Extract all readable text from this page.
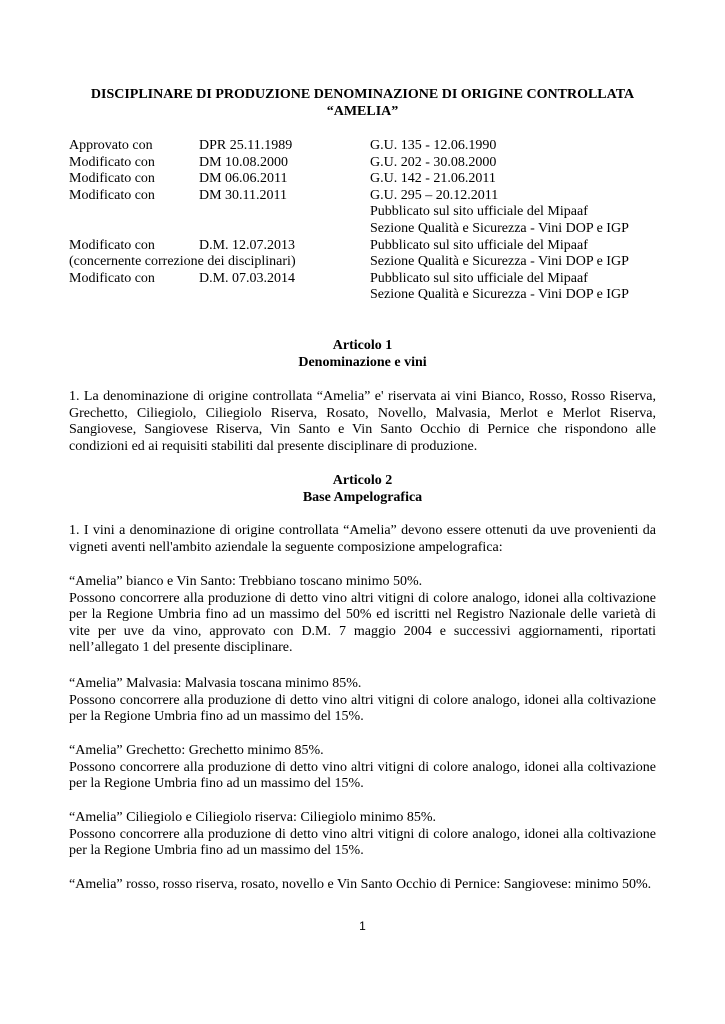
DISCIPLINARE DI PRODUZIONE DENOMINAZIONE DI ORIGINE CONTROLLATA
“AMELIA”
Approvato con	DPR 25.11.1989	G.U. 135 - 12.06.1990
Modificato con	DM 10.08.2000	G.U. 202 - 30.08.2000
Modificato con	DM 06.06.2011	G.U. 142 - 21.06.2011
Modificato con	DM 30.11.2011	G.U. 295 – 20.12.2011
Pubblicato sul sito ufficiale del Mipaaf
Sezione Qualità e Sicurezza - Vini DOP e IGP
Modificato con	D.M. 12.07.2013	Pubblicato sul sito ufficiale del Mipaaf
(concernente correzione dei disciplinari)	Sezione Qualità e Sicurezza - Vini DOP e IGP
Modificato con	D.M. 07.03.2014	Pubblicato sul sito ufficiale del Mipaaf
Sezione Qualità e Sicurezza - Vini DOP e IGP
Articolo 1
Denominazione e vini

1. La denominazione di origine controllata “Amelia” e' riservata ai vini Bianco, Rosso, Rosso Riserva, Grechetto, Ciliegiolo, Ciliegiolo Riserva, Rosato, Novello, Malvasia, Merlot e Merlot Riserva, Sangiovese, Sangiovese Riserva, Vin Santo e Vin Santo Occhio di Pernice che rispondono alle condizioni ed ai requisiti stabiliti dal presente disciplinare di produzione.

Articolo 2
Base Ampelografica

1. I vini a denominazione di origine controllata “Amelia” devono essere ottenuti da uve provenienti da vigneti aventi nell'ambito aziendale la seguente composizione ampelografica:

“Amelia” bianco e Vin Santo: Trebbiano toscano minimo 50%.

Possono concorrere alla produzione di detto vino altri vitigni di colore analogo, idonei alla coltivazione per la Regione Umbria fino ad un massimo del 50% ed iscritti nel Registro Nazionale delle varietà di vite per uve da vino, approvato con D.M. 7 maggio 2004 e successivi aggiornamenti, riportati nell’allegato 1 del presente disciplinare.

“Amelia” Malvasia: Malvasia toscana minimo 85%.

Possono concorrere alla produzione di detto vino altri vitigni di colore analogo, idonei alla coltivazione per la Regione Umbria fino ad un massimo del 15%.

“Amelia” Grechetto: Grechetto minimo 85%.

Possono concorrere alla produzione di detto vino altri vitigni di colore analogo, idonei alla coltivazione per la Regione Umbria fino ad un massimo del 15%.

“Amelia” Ciliegiolo e Ciliegiolo riserva: Ciliegiolo minimo 85%.

Possono concorrere alla produzione di detto vino altri vitigni di colore analogo, idonei alla coltivazione per la Regione Umbria fino ad un massimo del 15%.

“Amelia” rosso, rosso riserva, rosato, novello e Vin Santo Occhio di Pernice: Sangiovese: minimo 50%.

1
